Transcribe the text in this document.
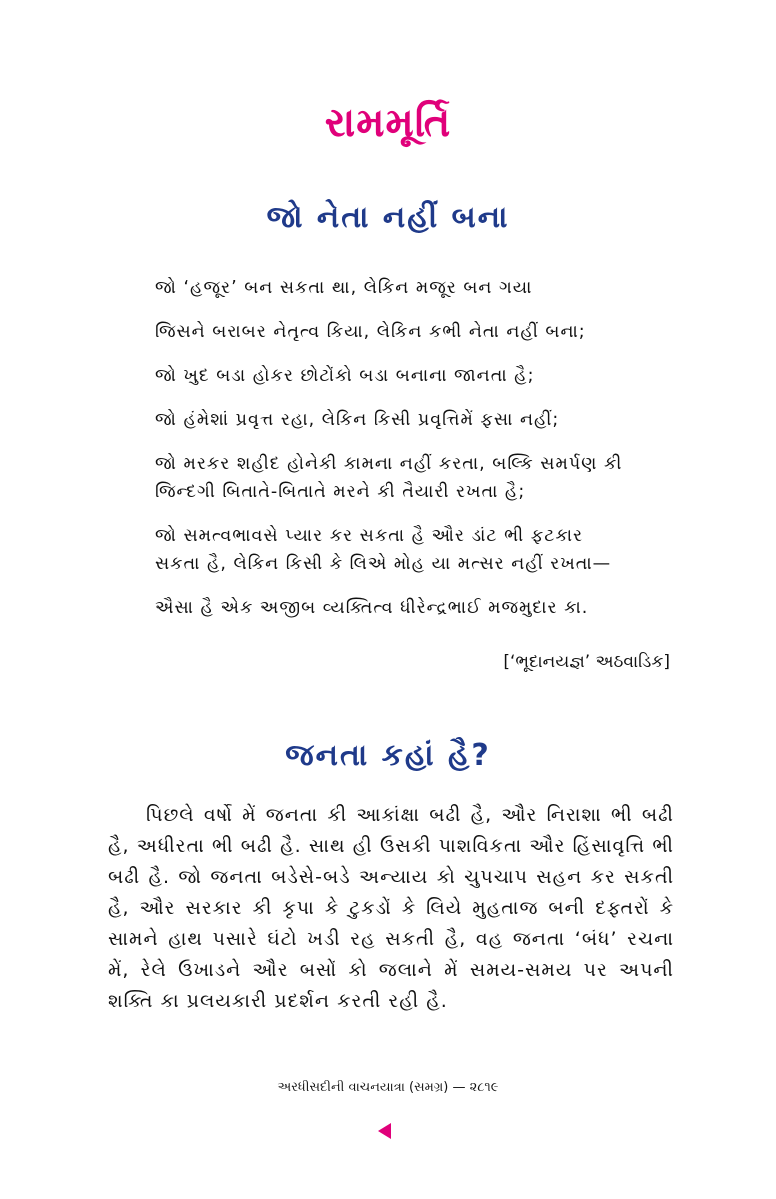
રામમૂર્તિ
જો નેતા નહીં બના
જો ‘હજૂર’ બન સકતા થા, લેકિન મજૂર બન ગયા
જિસને બરાબર નેતૃત્વ કિયા, લેકિન કભી નેતા નહીં બના;
જો ખુદ બડા હોકર છોટોંકો બડા બનાના જાનતા હૈ;
જો હંમેશાં પ્રવૃત્ત રહા, લેકિન કિસી પ્રવૃત્તિમેં ફસા નહીં;
જો મરકર શહીદ હોનેકી કામના નહીં કરતા, બલ્કિ સમર્પણ કી
જિન્દગી બિતાતે-બિતાતે મરને કી તૈયારી રખતા હૈ;
જો સમત્વભાવસે પ્યાર કર સકતા હૈ ઔર ડાંટ ભી ફટકાર
સકતા હૈ, લેકિન કિસી કે લિએ મોહ યા મત્સર નહીં રખતા—
ઐસા હૈ એક અજીબ વ્યક્તિત્વ ધીરેન્દ્રભાઈ મજમુદાર કા.
[‘ભૂદાનયજ્ઞ’ અઠવાડિક]
જનતા કહાં હૈ?

પિછલે વર્ષો મેં જનતા કી આકાંક્ષા બઢી હૈ, ઔર નિરાશા ભી બઢી હૈ, અધીરતા ભી બઢી હૈ. સાથ હી ઉસકી પાશવિકતા ઔર હિંસાવૃત્તિ ભી બઢી હૈ. જો જનતા બડેસે-બડે અન્યાય કો ચુપચાપ સહન કર સકતી હૈ, ઔર સરકાર કી કૃપા કે ટુકડોં કે લિયે મુહતાજ બની દફ્તરોં કે સામને હાથ પસારે ઘંટો ખડી રહ સકતી હૈ, વહ જનતા ‘બંધ’ રચના મેં, રેલે ઉખાડને ઔર બસોં કો જલાને મેં સમય-સમય પર અપની શક્તિ કા પ્રલયકારી પ્રદર્શન કરતી રહી હૈ.

અરધીસદીની વાચનયાત્રા (સમગ્ર) — ૨૮૧૯
